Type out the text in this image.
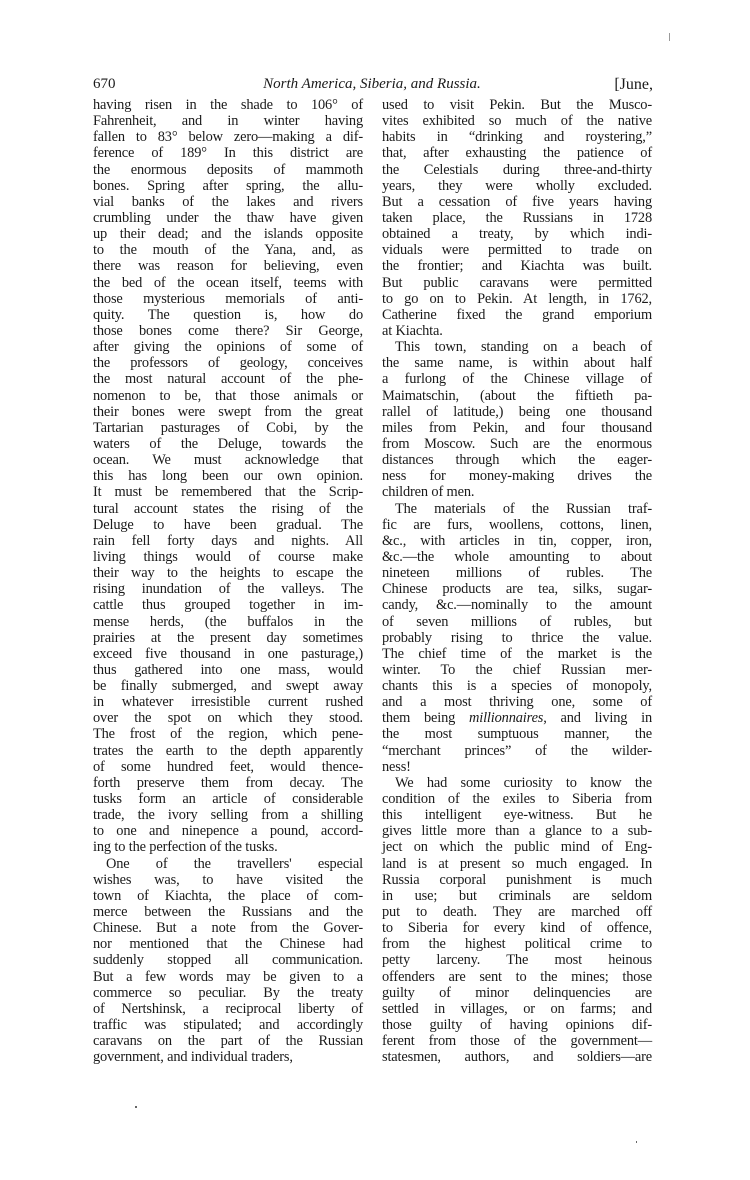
670	North America, Siberia, and Russia.	[June,
having risen in the shade to 106° of
Fahrenheit, and in winter having
fallen to 83° below zero—making a dif-
ference of 189° In this district are
the enormous deposits of mammoth
bones. Spring after spring, the allu-
vial banks of the lakes and rivers
crumbling under the thaw have given
up their dead; and the islands opposite
to the mouth of the Yana, and, as
there was reason for believing, even
the bed of the ocean itself, teems with
those mysterious memorials of anti-
quity. The question is, how do
those bones come there? Sir George,
after giving the opinions of some of
the professors of geology, conceives
the most natural account of the phe-
nomenon to be, that those animals or
their bones were swept from the great
Tartarian pasturages of Cobi, by the
waters of the Deluge, towards the
ocean. We must acknowledge that
this has long been our own opinion.
It must be remembered that the Scrip-
tural account states the rising of the
Deluge to have been gradual. The
rain fell forty days and nights. All
living things would of course make
their way to the heights to escape the
rising inundation of the valleys. The
cattle thus grouped together in im-
mense herds, (the buffalos in the
prairies at the present day sometimes
exceed five thousand in one pasturage,)
thus gathered into one mass, would
be finally submerged, and swept away
in whatever irresistible current rushed
over the spot on which they stood.
The frost of the region, which pene-
trates the earth to the depth apparently
of some hundred feet, would thence-
forth preserve them from decay. The
tusks form an article of considerable
trade, the ivory selling from a shilling
to one and ninepence a pound, accord-
ing to the perfection of the tusks.
One of the travellers' especial
wishes was, to have visited the
town of Kiachta, the place of com-
merce between the Russians and the
Chinese. But a note from the Gover-
nor mentioned that the Chinese had
suddenly stopped all communication.
But a few words may be given to a
commerce so peculiar. By the treaty
of Nertshinsk, a reciprocal liberty of
traffic was stipulated; and accordingly
caravans on the part of the Russian
government, and individual traders,
used to visit Pekin. But the Musco-
vites exhibited so much of the native
habits in “drinking and roystering,”
that, after exhausting the patience of
the Celestials during three-and-thirty
years, they were wholly excluded.
But a cessation of five years having
taken place, the Russians in 1728
obtained a treaty, by which indi-
viduals were permitted to trade on
the frontier; and Kiachta was built.
But public caravans were permitted
to go on to Pekin. At length, in 1762,
Catherine fixed the grand emporium
at Kiachta.
This town, standing on a beach of
the same name, is within about half
a furlong of the Chinese village of
Maimatschin, (about the fiftieth pa-
rallel of latitude,) being one thousand
miles from Pekin, and four thousand
from Moscow. Such are the enormous
distances through which the eager-
ness for money-making drives the
children of men.
The materials of the Russian traf-
fic are furs, woollens, cottons, linen,
&c., with articles in tin, copper, iron,
&c.—the whole amounting to about
nineteen millions of rubles. The
Chinese products are tea, silks, sugar-
candy, &c.—nominally to the amount
of seven millions of rubles, but
probably rising to thrice the value.
The chief time of the market is the
winter. To the chief Russian mer-
chants this is a species of monopoly,
and a most thriving one, some of
them being millionnaires, and living in
the most sumptuous manner, the
“merchant princes” of the wilder-
ness!
We had some curiosity to know the
condition of the exiles to Siberia from
this intelligent eye-witness. But he
gives little more than a glance to a sub-
ject on which the public mind of Eng-
land is at present so much engaged. In
Russia corporal punishment is much
in use; but criminals are seldom
put to death. They are marched off
to Siberia for every kind of offence,
from the highest political crime to
petty larceny. The most heinous
offenders are sent to the mines; those
guilty of minor delinquencies are
settled in villages, or on farms; and
those guilty of having opinions dif-
ferent from those of the government—
statesmen, authors, and soldiers—are
